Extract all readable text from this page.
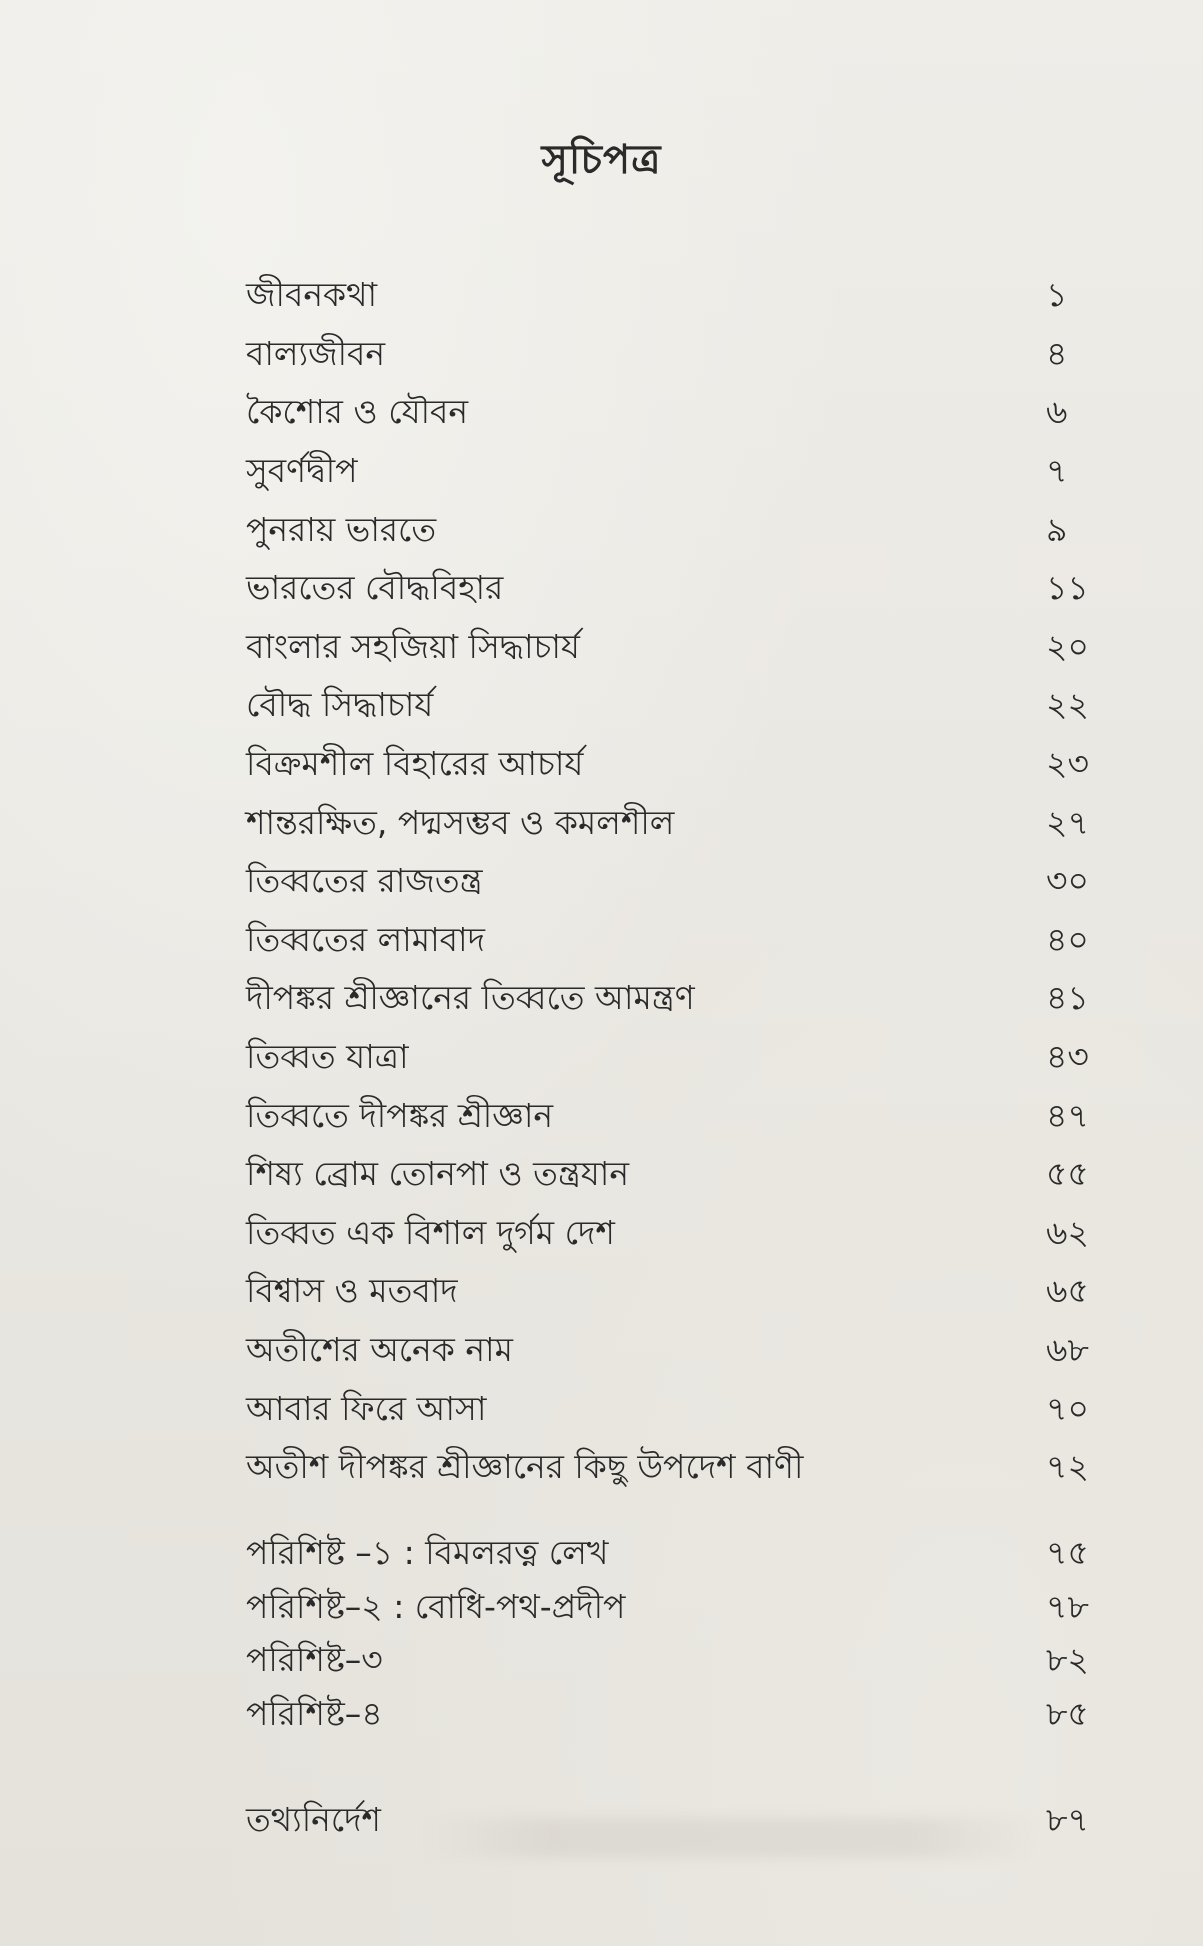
সূচিপত্র
জীবনকথা	১
বাল্যজীবন	৪
কৈশোর ও যৌবন	৬
সুবর্ণদ্বীপ	৭
পুনরায় ভারতে	৯
ভারতের বৌদ্ধবিহার	১১
বাংলার সহজিয়া সিদ্ধাচার্য	২০
বৌদ্ধ সিদ্ধাচার্য	২২
বিক্রমশীল বিহারের আচার্য	২৩
শান্তরক্ষিত, পদ্মসম্ভব ও কমলশীল	২৭
তিব্বতের রাজতন্ত্র	৩০
তিব্বতের লামাবাদ	৪০
দীপঙ্কর শ্রীজ্ঞানের তিব্বতে আমন্ত্রণ	৪১
তিব্বত যাত্রা	৪৩
তিব্বতে দীপঙ্কর শ্রীজ্ঞান	৪৭
শিষ্য ব্রোম তোনপা ও তন্ত্রযান	৫৫
তিব্বত এক বিশাল দুর্গম দেশ	৬২
বিশ্বাস ও মতবাদ	৬৫
অতীশের অনেক নাম	৬৮
আবার ফিরে আসা	৭০
অতীশ দীপঙ্কর শ্রীজ্ঞানের কিছু উপদেশ বাণী	৭২
পরিশিষ্ট –১ : বিমলরত্ন লেখ	৭৫
পরিশিষ্ট–২ : বোধি-পথ-প্রদীপ	৭৮
পরিশিষ্ট–৩	৮২
পরিশিষ্ট–৪	৮৫
তথ্যনির্দেশ	৮৭
